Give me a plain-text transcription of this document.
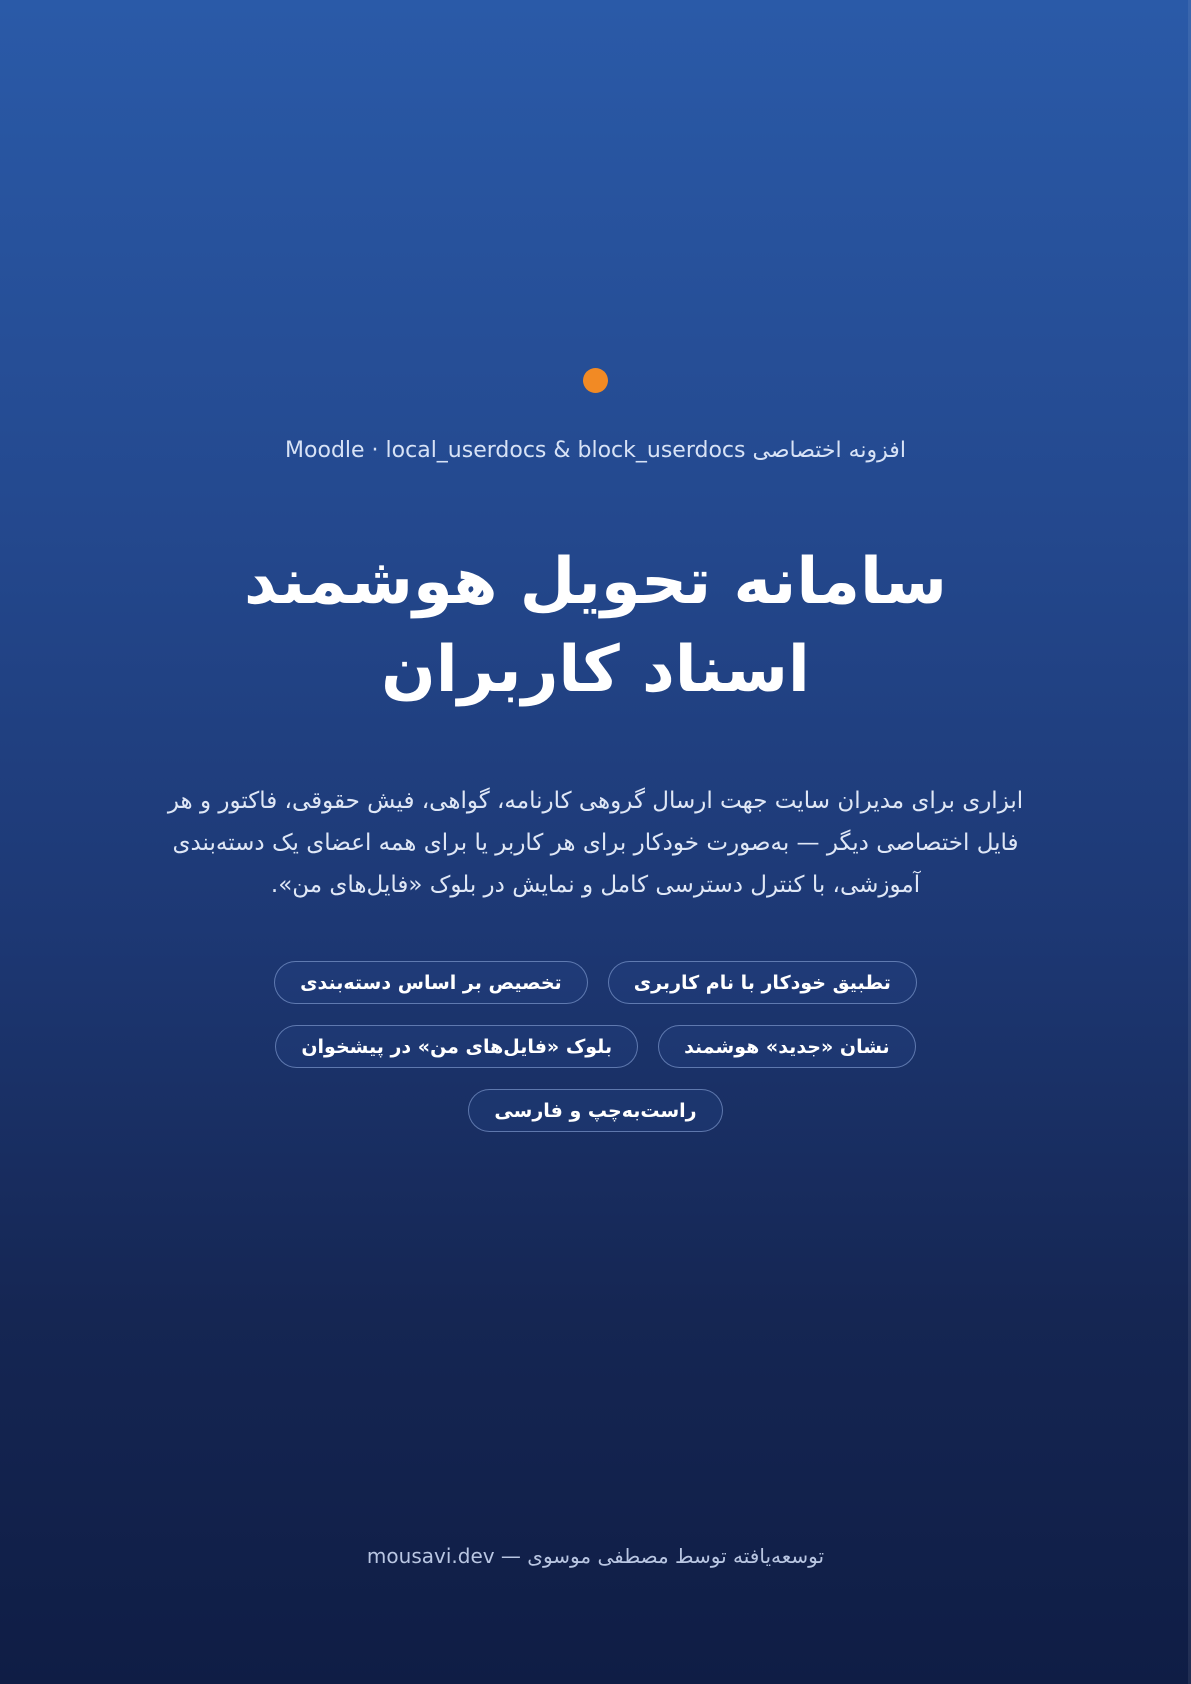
Moodle · local_userdocs & block_userdocs افزونه اختصاصی
سامانه تحویل هوشمند
اسناد کاربران
ابزاری برای مدیران سایت جهت ارسال گروهی کارنامه، گواهی، فیش حقوقی، فاکتور و هر
فایل اختصاصی دیگر — به‌صورت خودکار برای هر کاربر یا برای همه اعضای یک دسته‌بندی
آموزشی، با کنترل دسترسی کامل و نمایش در بلوک «فایل‌های من».
تطبیق خودکار با نام کاربری
تخصیص بر اساس دسته‌بندی
نشان «جدید» هوشمند
بلوک «فایل‌های من» در پیشخوان
راست‌به‌چپ و فارسی
توسعه‌یافته توسط مصطفی موسوی — mousavi.dev
